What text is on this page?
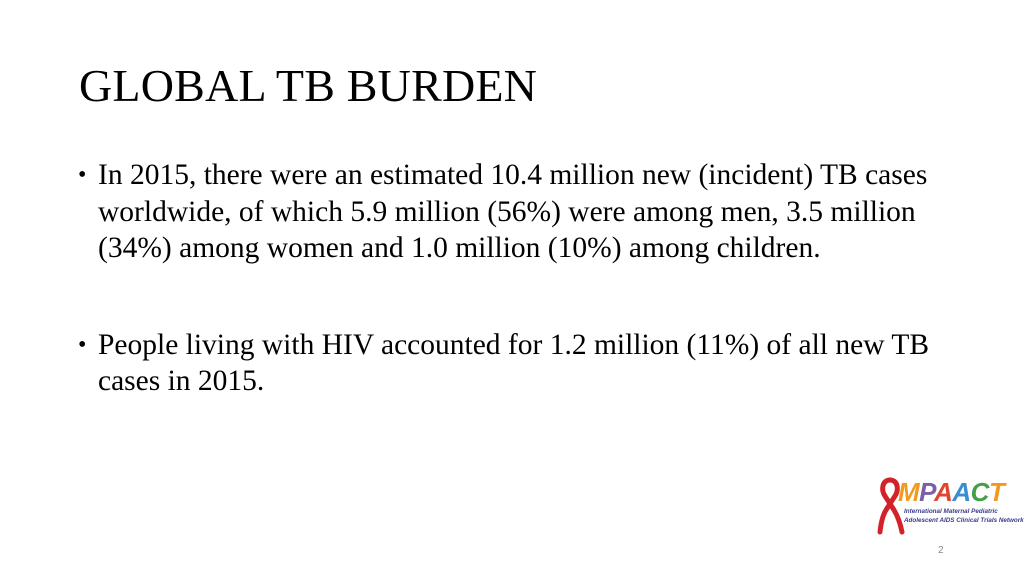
GLOBAL TB BURDEN
• In 2015, there were an estimated 10.4 million new (incident) TB cases worldwide, of which 5.9 million (56%) were among men, 3.5 million (34%) among women and 1.0 million (10%) among children.
• People living with HIV accounted for 1.2 million (11%) of all new TB cases in 2015.
MPAACT
International Maternal Pediatric
Adolescent AIDS Clinical Trials Network
2
